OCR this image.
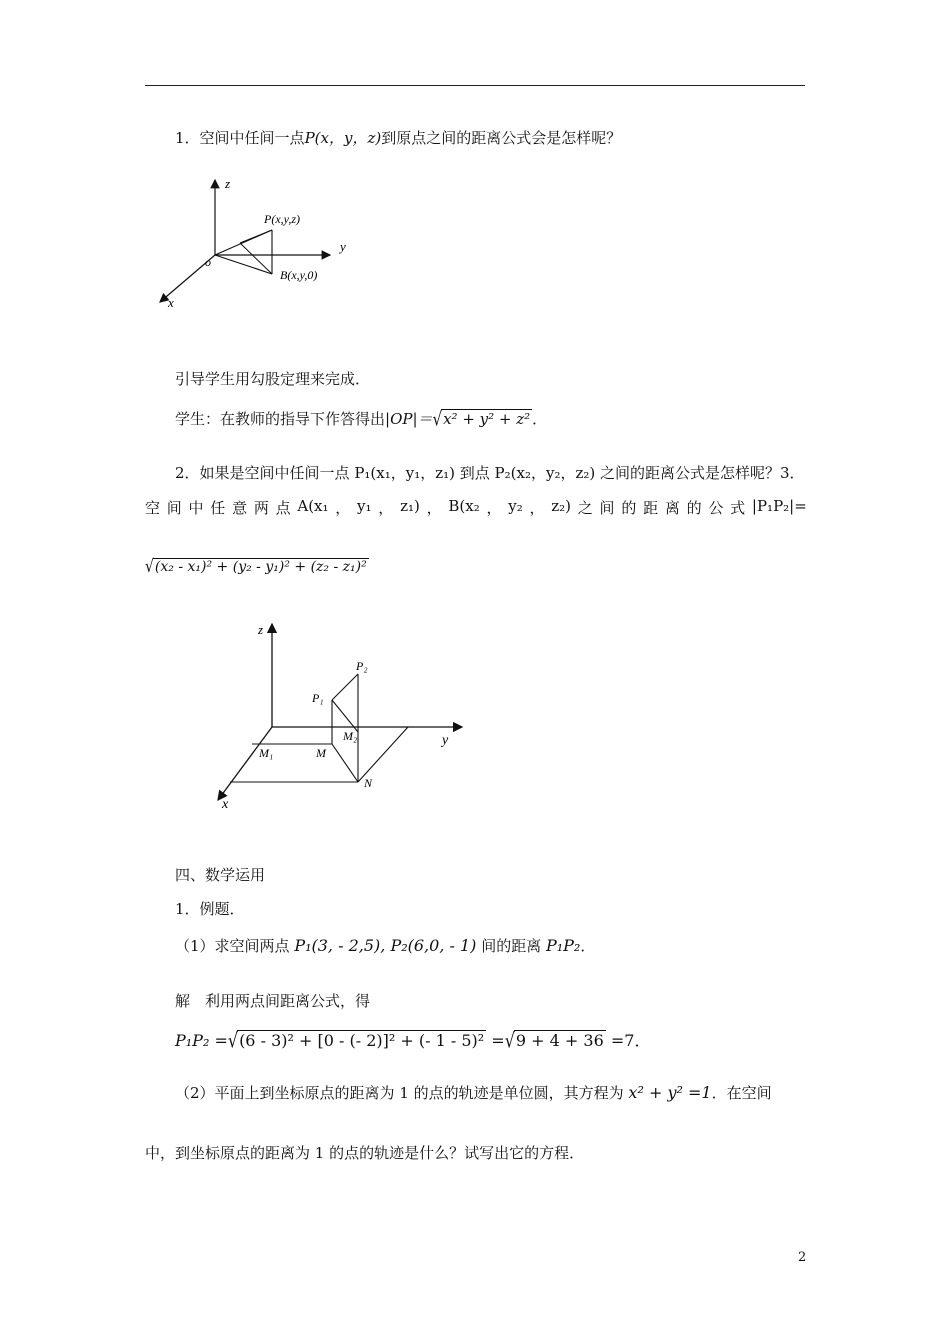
1．空间中任间一点P(x，y，z)到原点之间的距离公式会是怎样呢？
z
y
x
o
P(x,y,z)
B(x,y,0)
引导学生用勾股定理来完成．
学生：在教师的指导下作答得出|OP|＝√x² + y² + z² ．
2．如果是空间中任间一点 P₁(x₁，y₁，z₁) 到点 P₂(x₂，y₂，z₂) 之间的距离公式是怎样呢？3．
空 间 中 任 意 两 点 A(x₁ ， y₁ ， z₁) ， B(x₂ ， y₂ ， z₂) 之 间 的 距 离 的 公 式 |P₁P₂|=
√(x₂ - x₁)² + (y₂ - y₁)² + (z₂ - z₁)²
z
y
x
P₁
P₂
M₁	M
M₂
N
四、数学运用
1．例题．
（1）求空间两点 P₁(3, - 2,5), P₂(6,0, - 1) 间的距离 P₁P₂．
解　利用两点间距离公式，得
P₁P₂ =√(6 - 3)² + [0 - (- 2)]² + (- 1 - 5)² =√9 + 4 + 36 =7．
（2）平面上到坐标原点的距离为 1 的点的轨迹是单位圆，其方程为 x² + y² =1．在空间
中，到坐标原点的距离为 1 的点的轨迹是什么？试写出它的方程．
2
